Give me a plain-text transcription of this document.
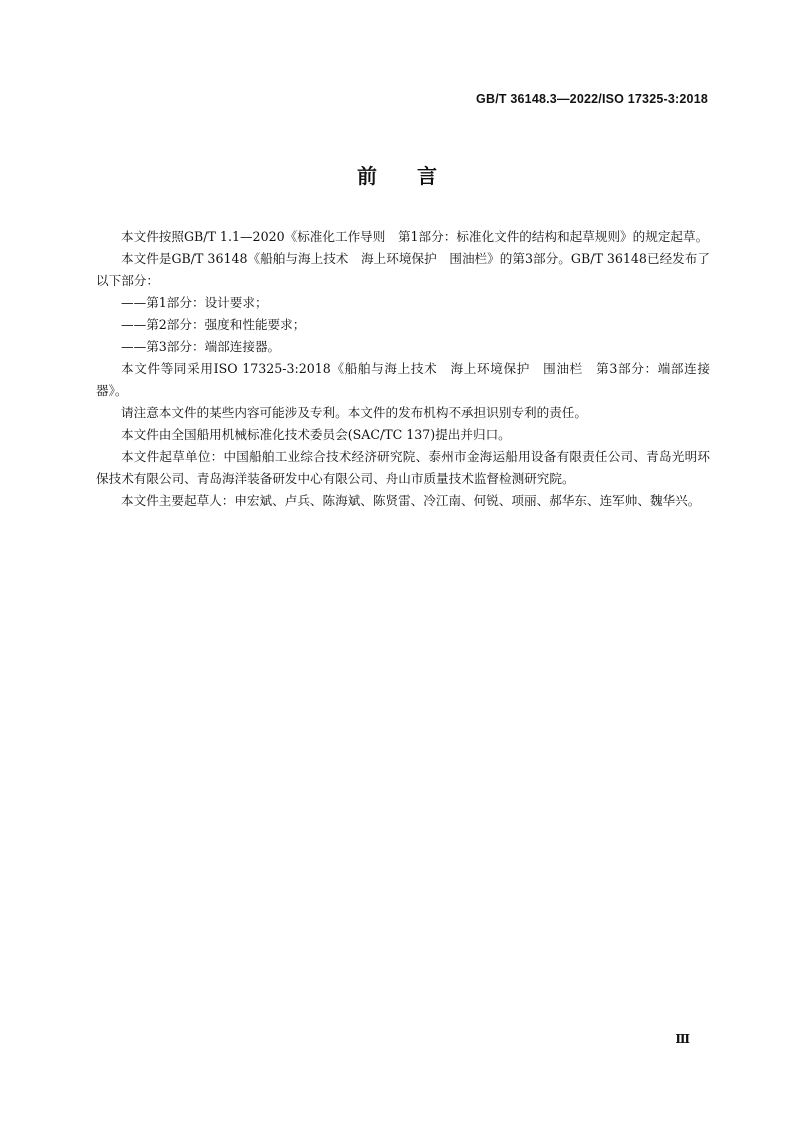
GB/T 36148.3—2022/ISO 17325-3:2018
前言

本文件按照GB/T 1.1—2020《标准化工作导则　第1部分：标准化文件的结构和起草规则》的规定起草。

本文件是GB/T 36148《船舶与海上技术　海上环境保护　围油栏》的第3部分。GB/T 36148已经发布了以下部分：

——第1部分：设计要求；

——第2部分：强度和性能要求；

——第3部分：端部连接器。

本文件等同采用ISO 17325-3:2018《船舶与海上技术　海上环境保护　围油栏　第3部分：端部连接器》。

请注意本文件的某些内容可能涉及专利。本文件的发布机构不承担识别专利的责任。

本文件由全国船用机械标准化技术委员会(SAC/TC 137)提出并归口。

本文件起草单位：中国船舶工业综合技术经济研究院、泰州市金海运船用设备有限责任公司、青岛光明环保技术有限公司、青岛海洋装备研发中心有限公司、舟山市质量技术监督检测研究院。

本文件主要起草人：申宏斌、卢兵、陈海斌、陈贤雷、冷江南、何锐、项丽、郝华东、连军帅、魏华兴。

Ⅲ
